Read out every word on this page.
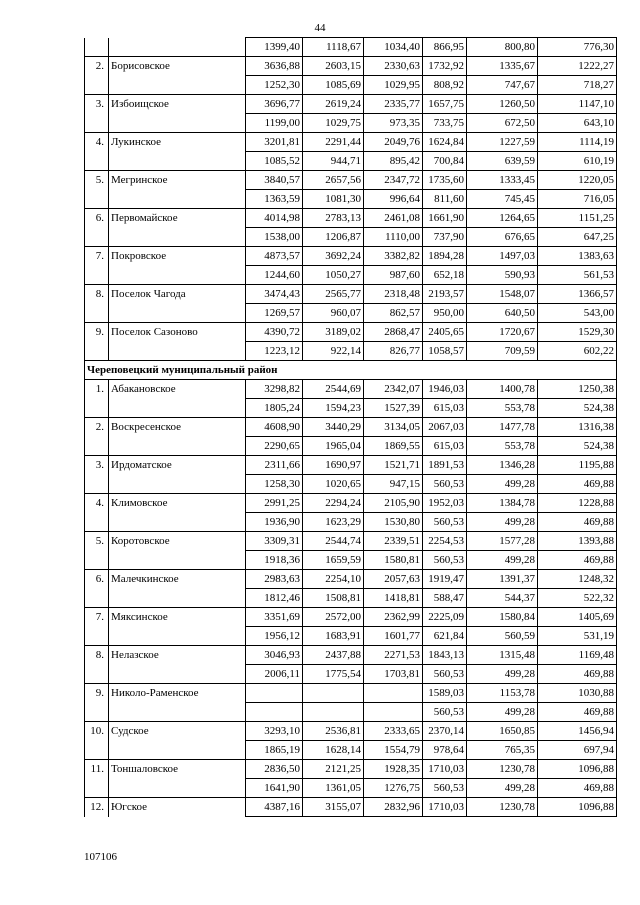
44
		1399,40	1118,67	1034,40	866,95	800,80	776,30
2.	Борисовское	3636,88	2603,15	2330,63	1732,92	1335,67	1222,27
		1252,30	1085,69	1029,95	808,92	747,67	718,27
3.	Избоищское	3696,77	2619,24	2335,77	1657,75	1260,50	1147,10
		1199,00	1029,75	973,35	733,75	672,50	643,10
4.	Лукинское	3201,81	2291,44	2049,76	1624,84	1227,59	1114,19
		1085,52	944,71	895,42	700,84	639,59	610,19
5.	Мегринское	3840,57	2657,56	2347,72	1735,60	1333,45	1220,05
		1363,59	1081,30	996,64	811,60	745,45	716,05
6.	Первомайское	4014,98	2783,13	2461,08	1661,90	1264,65	1151,25
		1538,00	1206,87	1110,00	737,90	676,65	647,25
7.	Покровское	4873,57	3692,24	3382,82	1894,28	1497,03	1383,63
		1244,60	1050,27	987,60	652,18	590,93	561,53
8.	Поселок Чагода	3474,43	2565,77	2318,48	2193,57	1548,07	1366,57
		1269,57	960,07	862,57	950,00	640,50	543,00
9.	Поселок Сазоново	4390,72	3189,02	2868,47	2405,65	1720,67	1529,30
		1223,12	922,14	826,77	1058,57	709,59	602,22
Череповецкий муниципальный район							
1.	Абакановское	3298,82	2544,69	2342,07	1946,03	1400,78	1250,38
		1805,24	1594,23	1527,39	615,03	553,78	524,38
2.	Воскресенское	4608,90	3440,29	3134,05	2067,03	1477,78	1316,38
		2290,65	1965,04	1869,55	615,03	553,78	524,38
3.	Ирдоматское	2311,66	1690,97	1521,71	1891,53	1346,28	1195,88
		1258,30	1020,65	947,15	560,53	499,28	469,88
4.	Климовское	2991,25	2294,24	2105,90	1952,03	1384,78	1228,88
		1936,90	1623,29	1530,80	560,53	499,28	469,88
5.	Коротовское	3309,31	2544,74	2339,51	2254,53	1577,28	1393,88
		1918,36	1659,59	1580,81	560,53	499,28	469,88
6.	Малечкинское	2983,63	2254,10	2057,63	1919,47	1391,37	1248,32
		1812,46	1508,81	1418,81	588,47	544,37	522,32
7.	Мяксинское	3351,69	2572,00	2362,99	2225,09	1580,84	1405,69
		1956,12	1683,91	1601,77	621,84	560,59	531,19
8.	Нелазское	3046,93	2437,88	2271,53	1843,13	1315,48	1169,48
		2006,11	1775,54	1703,81	560,53	499,28	469,88
9.	Николо-Раменское				1589,03	1153,78	1030,88
					560,53	499,28	469,88
10.	Судское	3293,10	2536,81	2333,65	2370,14	1650,85	1456,94
		1865,19	1628,14	1554,79	978,64	765,35	697,94
11.	Тоншаловское	2836,50	2121,25	1928,35	1710,03	1230,78	1096,88
		1641,90	1361,05	1276,75	560,53	499,28	469,88
12.	Югское	4387,16	3155,07	2832,96	1710,03	1230,78	1096,88
107106
